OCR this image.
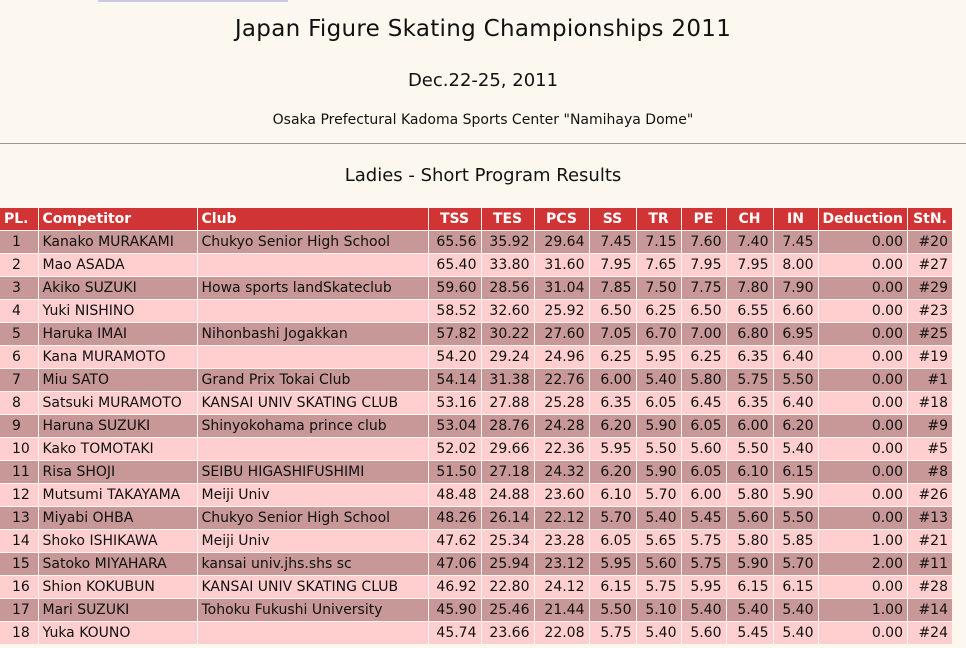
Japan Figure Skating Championships 2011
Dec.22-25, 2011
Osaka Prefectural Kadoma Sports Center "Namihaya Dome"
Ladies - Short Program Results
PL.	Competitor	Club	TSS	TES	PCS	SS	TR	PE	CH	IN	Deduction	StN.
1	Kanako MURAKAMI	Chukyo Senior High School	65.56	35.92	29.64	7.45	7.15	7.60	7.40	7.45	0.00	#20
2	Mao ASADA		65.40	33.80	31.60	7.95	7.65	7.95	7.95	8.00	0.00	#27
3	Akiko SUZUKI	Howa sports landSkateclub	59.60	28.56	31.04	7.85	7.50	7.75	7.80	7.90	0.00	#29
4	Yuki NISHINO		58.52	32.60	25.92	6.50	6.25	6.50	6.55	6.60	0.00	#23
5	Haruka IMAI	Nihonbashi Jogakkan	57.82	30.22	27.60	7.05	6.70	7.00	6.80	6.95	0.00	#25
6	Kana MURAMOTO		54.20	29.24	24.96	6.25	5.95	6.25	6.35	6.40	0.00	#19
7	Miu SATO	Grand Prix Tokai Club	54.14	31.38	22.76	6.00	5.40	5.80	5.75	5.50	0.00	#1
8	Satsuki MURAMOTO	KANSAI UNIV SKATING CLUB	53.16	27.88	25.28	6.35	6.05	6.45	6.35	6.40	0.00	#18
9	Haruna SUZUKI	Shinyokohama prince club	53.04	28.76	24.28	6.20	5.90	6.05	6.00	6.20	0.00	#9
10	Kako TOMOTAKI		52.02	29.66	22.36	5.95	5.50	5.60	5.50	5.40	0.00	#5
11	Risa SHOJI	SEIBU HIGASHIFUSHIMI	51.50	27.18	24.32	6.20	5.90	6.05	6.10	6.15	0.00	#8
12	Mutsumi TAKAYAMA	Meiji Univ	48.48	24.88	23.60	6.10	5.70	6.00	5.80	5.90	0.00	#26
13	Miyabi OHBA	Chukyo Senior High School	48.26	26.14	22.12	5.70	5.40	5.45	5.60	5.50	0.00	#13
14	Shoko ISHIKAWA	Meiji Univ	47.62	25.34	23.28	6.05	5.65	5.75	5.80	5.85	1.00	#21
15	Satoko MIYAHARA	kansai univ.jhs.shs sc	47.06	25.94	23.12	5.95	5.60	5.75	5.90	5.70	2.00	#11
16	Shion KOKUBUN	KANSAI UNIV SKATING CLUB	46.92	22.80	24.12	6.15	5.75	5.95	6.15	6.15	0.00	#28
17	Mari SUZUKI	Tohoku Fukushi University	45.90	25.46	21.44	5.50	5.10	5.40	5.40	5.40	1.00	#14
18	Yuka KOUNO		45.74	23.66	22.08	5.75	5.40	5.60	5.45	5.40	0.00	#24
